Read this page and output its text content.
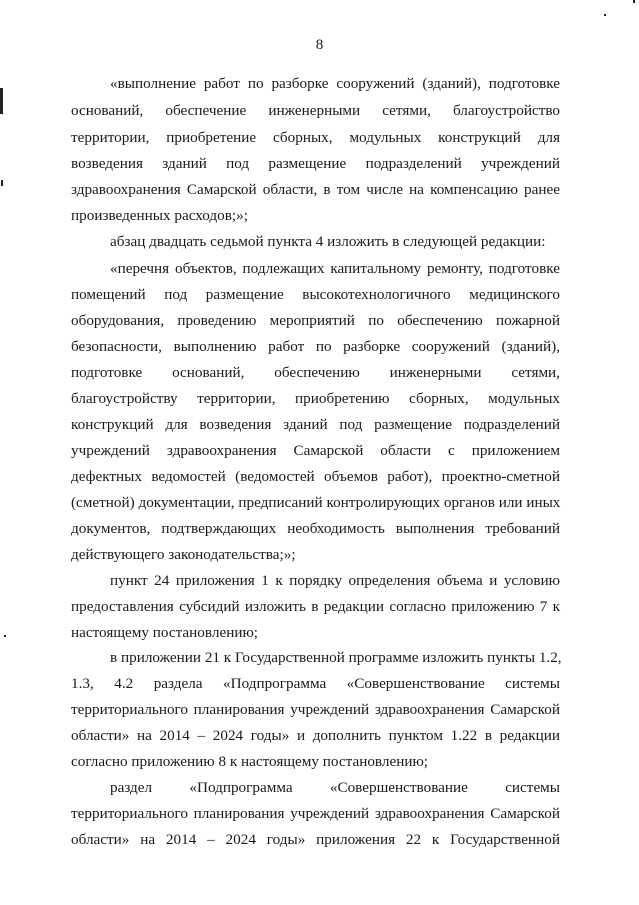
8
«выполнение работ по разборке сооружений (зданий), подготовке
оснований, обеспечение инженерными сетями, благоустройство
территории, приобретение сборных, модульных конструкций для
возведения зданий под размещение подразделений учреждений
здравоохранения Самарской области, в том числе на компенсацию ранее
произведенных расходов;»;
абзац двадцать седьмой пункта 4 изложить в следующей редакции:
«перечня объектов, подлежащих капитальному ремонту, подготовке
помещений под размещение высокотехнологичного медицинского
оборудования, проведению мероприятий по обеспечению пожарной
безопасности, выполнению работ по разборке сооружений (зданий),
подготовке оснований, обеспечению инженерными сетями,
благоустройству территории, приобретению сборных, модульных
конструкций для возведения зданий под размещение подразделений
учреждений здравоохранения Самарской области с приложением
дефектных ведомостей (ведомостей объемов работ), проектно-сметной
(сметной) документации, предписаний контролирующих органов или иных
документов, подтверждающих необходимость выполнения требований
действующего законодательства;»;
пункт 24 приложения 1 к порядку определения объема и условию
предоставления субсидий изложить в редакции согласно приложению 7 к
настоящему постановлению;
в приложении 21 к Государственной программе изложить пункты 1.2,
1.3, 4.2 раздела «Подпрограмма «Совершенствование системы
территориального планирования учреждений здравоохранения Самарской
области» на 2014 – 2024 годы» и дополнить пунктом 1.22 в редакции
согласно приложению 8 к настоящему постановлению;
раздел «Подпрограмма «Совершенствование системы
территориального планирования учреждений здравоохранения Самарской
области» на 2014 – 2024 годы» приложения 22 к Государственной
